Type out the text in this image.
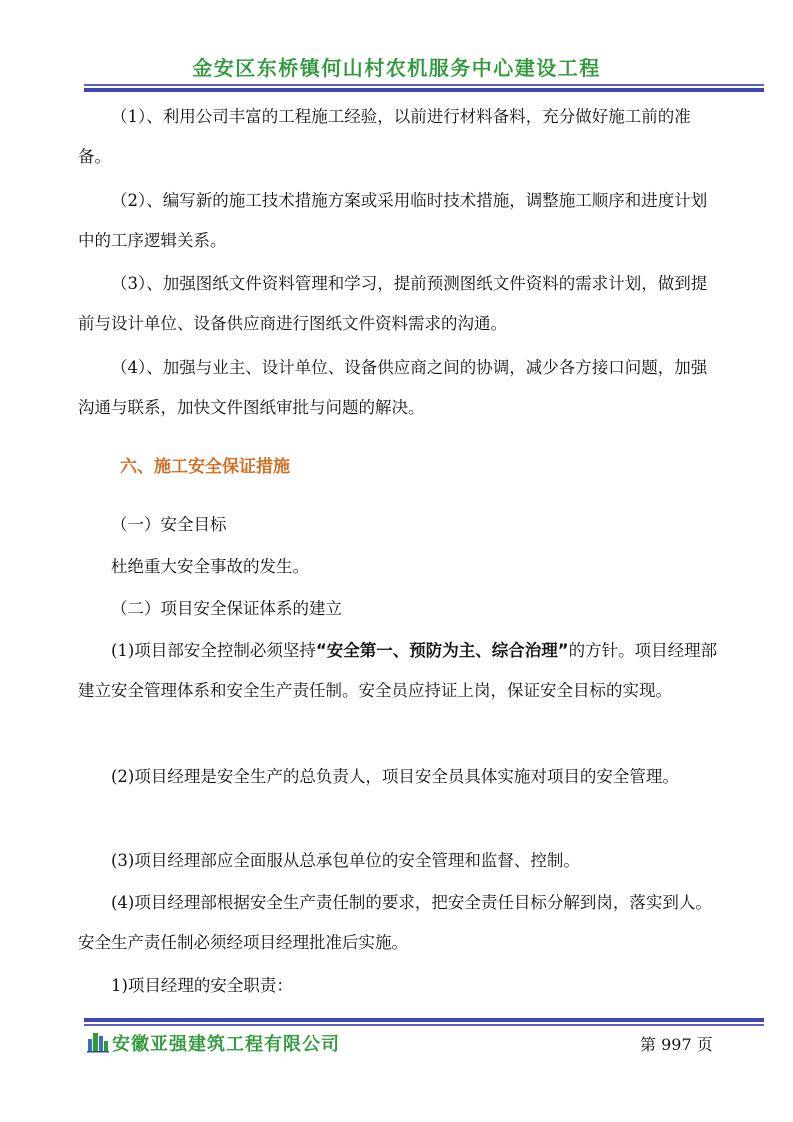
金安区东桥镇何山村农机服务中心建设工程

（1）、利用公司丰富的工程施工经验，以前进行材料备料，充分做好施工前的准备。

（2）、编写新的施工技术措施方案或采用临时技术措施，调整施工顺序和进度计划中的工序逻辑关系。

（3）、加强图纸文件资料管理和学习，提前预测图纸文件资料的需求计划，做到提前与设计单位、设备供应商进行图纸文件资料需求的沟通。

（4）、加强与业主、设计单位、设备供应商之间的协调，减少各方接口问题，加强沟通与联系，加快文件图纸审批与问题的解决。

六、施工安全保证措施

（一）安全目标

杜绝重大安全事故的发生。

（二）项目安全保证体系的建立

(1)项目部安全控制必须坚持“安全第一、预防为主、综合治理”的方针。项目经理部建立安全管理体系和安全生产责任制。安全员应持证上岗，保证安全目标的实现。

(2)项目经理是安全生产的总负责人，项目安全员具体实施对项目的安全管理。

(3)项目经理部应全面服从总承包单位的安全管理和监督、控制。

(4)项目经理部根据安全生产责任制的要求，把安全责任目标分解到岗，落实到人。安全生产责任制必须经项目经理批准后实施。

1)项目经理的安全职责：

安徽亚强建筑工程有限公司	第 997 页
